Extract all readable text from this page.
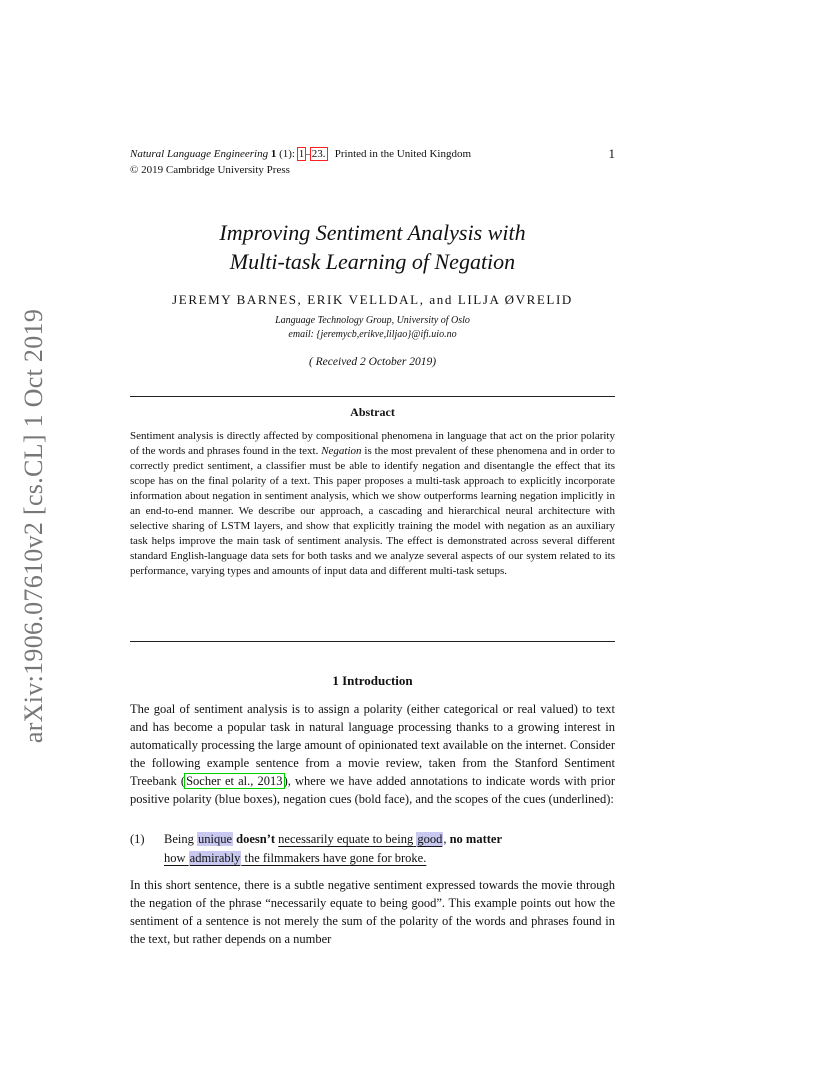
arXiv:1906.07610v2 [cs.CL] 1 Oct 2019
Natural Language Engineering 1 (1): 1–23. Printed in the United Kingdom
© 2019 Cambridge University Press
1
Improving Sentiment Analysis with
Multi-task Learning of Negation
JEREMY BARNES, ERIK VELLDAL, and LILJA ØVRELID
Language Technology Group, University of Oslo
email: {jeremycb,erikve,liljao}@ifi.uio.no
( Received 2 October 2019)
Abstract
Sentiment analysis is directly affected by compositional phenomena in language that act on the prior polarity of the words and phrases found in the text. Negation is the most prevalent of these phenomena and in order to correctly predict sentiment, a classifier must be able to identify negation and disentangle the effect that its scope has on the final polarity of a text. This paper proposes a multi-task approach to explicitly incorporate information about negation in sentiment analysis, which we show outperforms learning negation implicitly in an end-to-end manner. We describe our approach, a cascading and hierarchical neural architecture with selective sharing of LSTM layers, and show that explicitly training the model with negation as an auxiliary task helps improve the main task of sentiment analysis. The effect is demonstrated across several different standard English-language data sets for both tasks and we analyze several aspects of our system related to its performance, varying types and amounts of input data and different multi-task setups.
1 Introduction
The goal of sentiment analysis is to assign a polarity (either categorical or real valued) to text and has become a popular task in natural language processing thanks to a growing interest in automatically processing the large amount of opinionated text available on the internet. Consider the following example sentence from a movie review, taken from the Stanford Sentiment Treebank (Socher et al., 2013), where we have added annotations to indicate words with prior positive polarity (blue boxes), negation cues (bold face), and the scopes of the cues (underlined):
(1) Being unique doesn’t necessarily equate to being good, no matter
how admirably the filmmakers have gone for broke.
In this short sentence, there is a subtle negative sentiment expressed towards the movie through the negation of the phrase “necessarily equate to being good”. This example points out how the sentiment of a sentence is not merely the sum of the polarity of the words and phrases found in the text, but rather depends on a number
